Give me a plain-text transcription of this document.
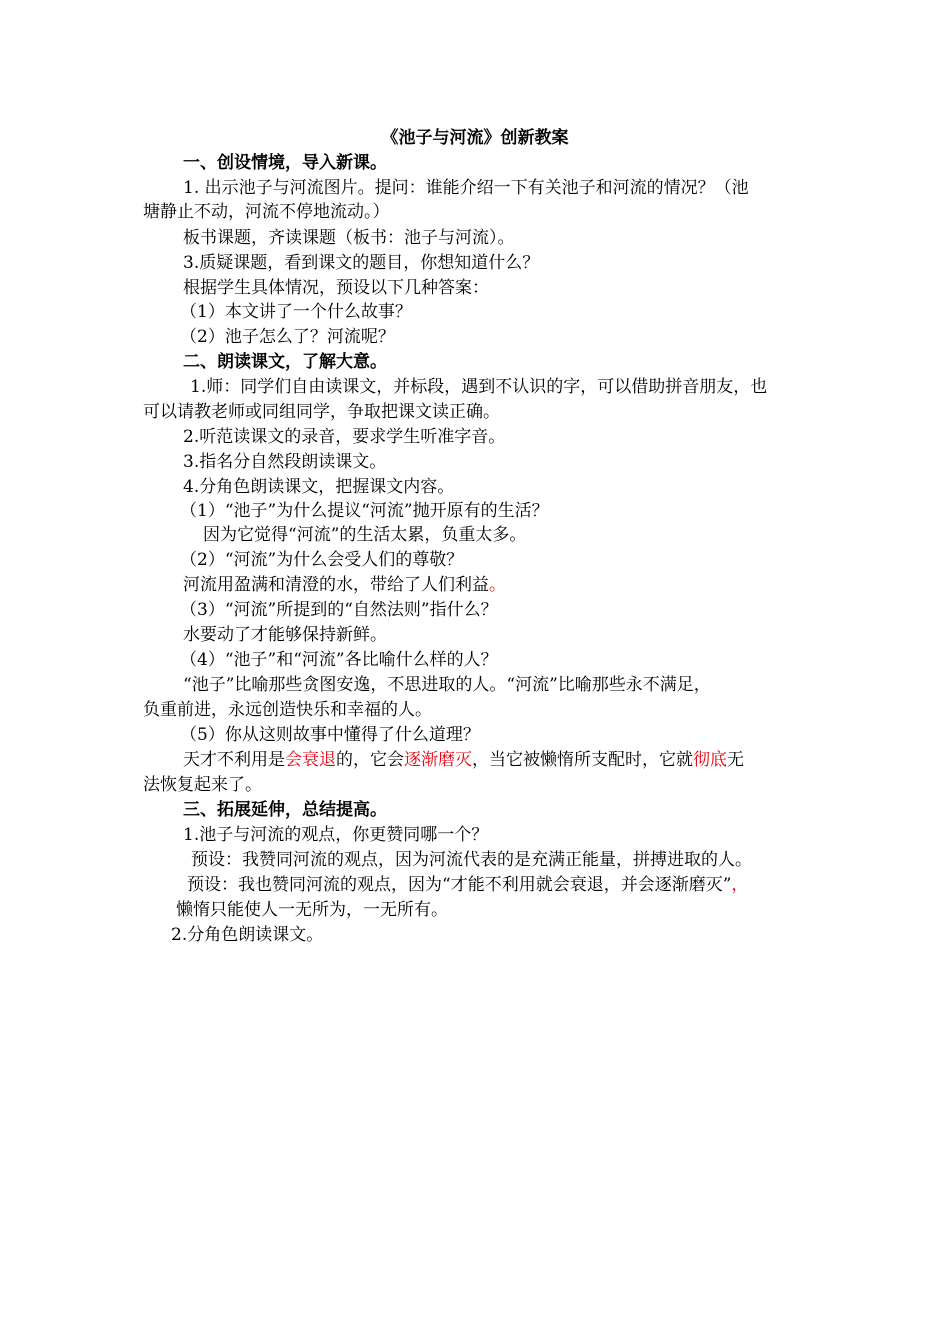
《池子与河流》创新教案
一、创设情境，导入新课。
1. 出示池子与河流图片。提问：谁能介绍一下有关池子和河流的情况？（池
塘静止不动，河流不停地流动。）
板书课题，齐读课题（板书：池子与河流）。
3.质疑课题，看到课文的题目，你想知道什么？
根据学生具体情况，预设以下几种答案：
（1）本文讲了一个什么故事？
（2）池子怎么了？河流呢？
二、朗读课文，了解大意。
1.师：同学们自由读课文，并标段，遇到不认识的字，可以借助拼音朋友，也
可以请教老师或同组同学，争取把课文读正确。
2.听范读课文的录音，要求学生听准字音。
3.指名分自然段朗读课文。
4.分角色朗读课文，把握课文内容。
（1）“池子”为什么提议“河流”抛开原有的生活？
因为它觉得“河流”的生活太累，负重太多。
（2）“河流”为什么会受人们的尊敬？
河流用盈满和清澄的水，带给了人们利益。
（3）“河流”所提到的“自然法则”指什么？
水要动了才能够保持新鲜。
（4）“池子”和“河流”各比喻什么样的人？
“池子”比喻那些贪图安逸，不思进取的人。“河流”比喻那些永不满足，
负重前进，永远创造快乐和幸福的人。
（5）你从这则故事中懂得了什么道理？
天才不利用是会衰退的，它会逐渐磨灭，当它被懒惰所支配时，它就彻底无
法恢复起来了。
三、拓展延伸，总结提高。
1.池子与河流的观点，你更赞同哪一个？
预设：我赞同河流的观点，因为河流代表的是充满正能量，拼搏进取的人。
预设：我也赞同河流的观点，因为“才能不利用就会衰退，并会逐渐磨灭”，
懒惰只能使人一无所为，一无所有。
2.分角色朗读课文。
